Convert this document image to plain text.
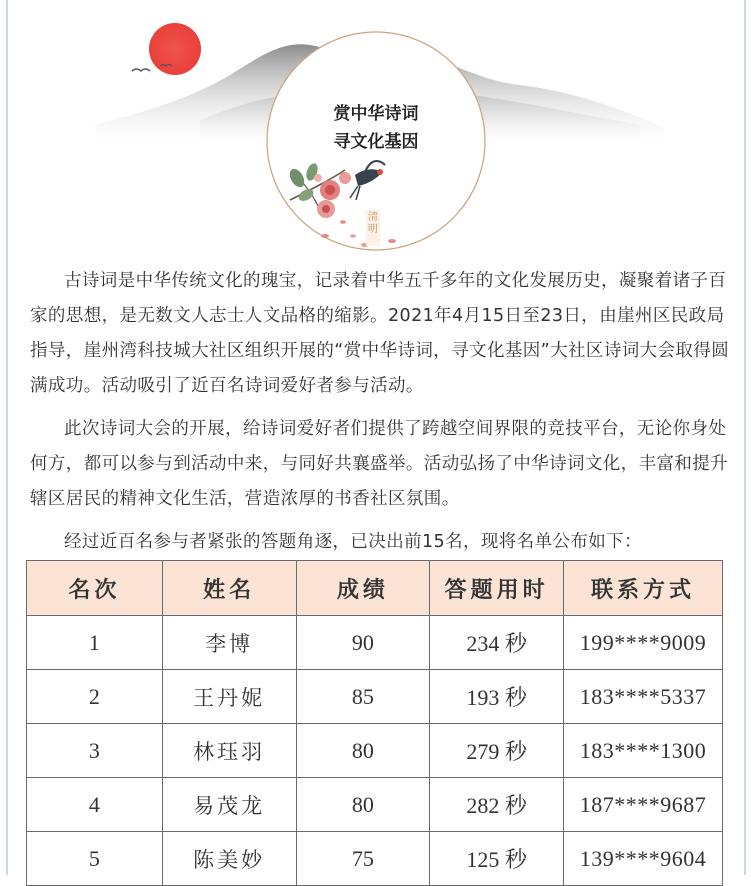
赏中华诗词
寻文化基因
清明

古诗词是中华传统文化的瑰宝，记录着中华五千多年的文化发展历史，凝聚着诸子百家的思想，是无数文人志士人文品格的缩影。2021年4月15日至23日，由崖州区民政局指导，崖州湾科技城大社区组织开展的“赏中华诗词，寻文化基因”大社区诗词大会取得圆满成功。活动吸引了近百名诗词爱好者参与活动。

此次诗词大会的开展，给诗词爱好者们提供了跨越空间界限的竞技平台，无论你身处何方，都可以参与到活动中来，与同好共襄盛举。活动弘扬了中华诗词文化，丰富和提升辖区居民的精神文化生活，营造浓厚的书香社区氛围。

经过近百名参与者紧张的答题角逐，已决出前15名，现将名单公布如下：

名次	姓名	成绩	答题用时	联系方式
1	李博	90	234 秒	199****9009
2	王丹妮	85	193 秒	183****5337
3	林珏羽	80	279 秒	183****1300
4	易茂龙	80	282 秒	187****9687
5	陈美妙	75	125 秒	139****9604
